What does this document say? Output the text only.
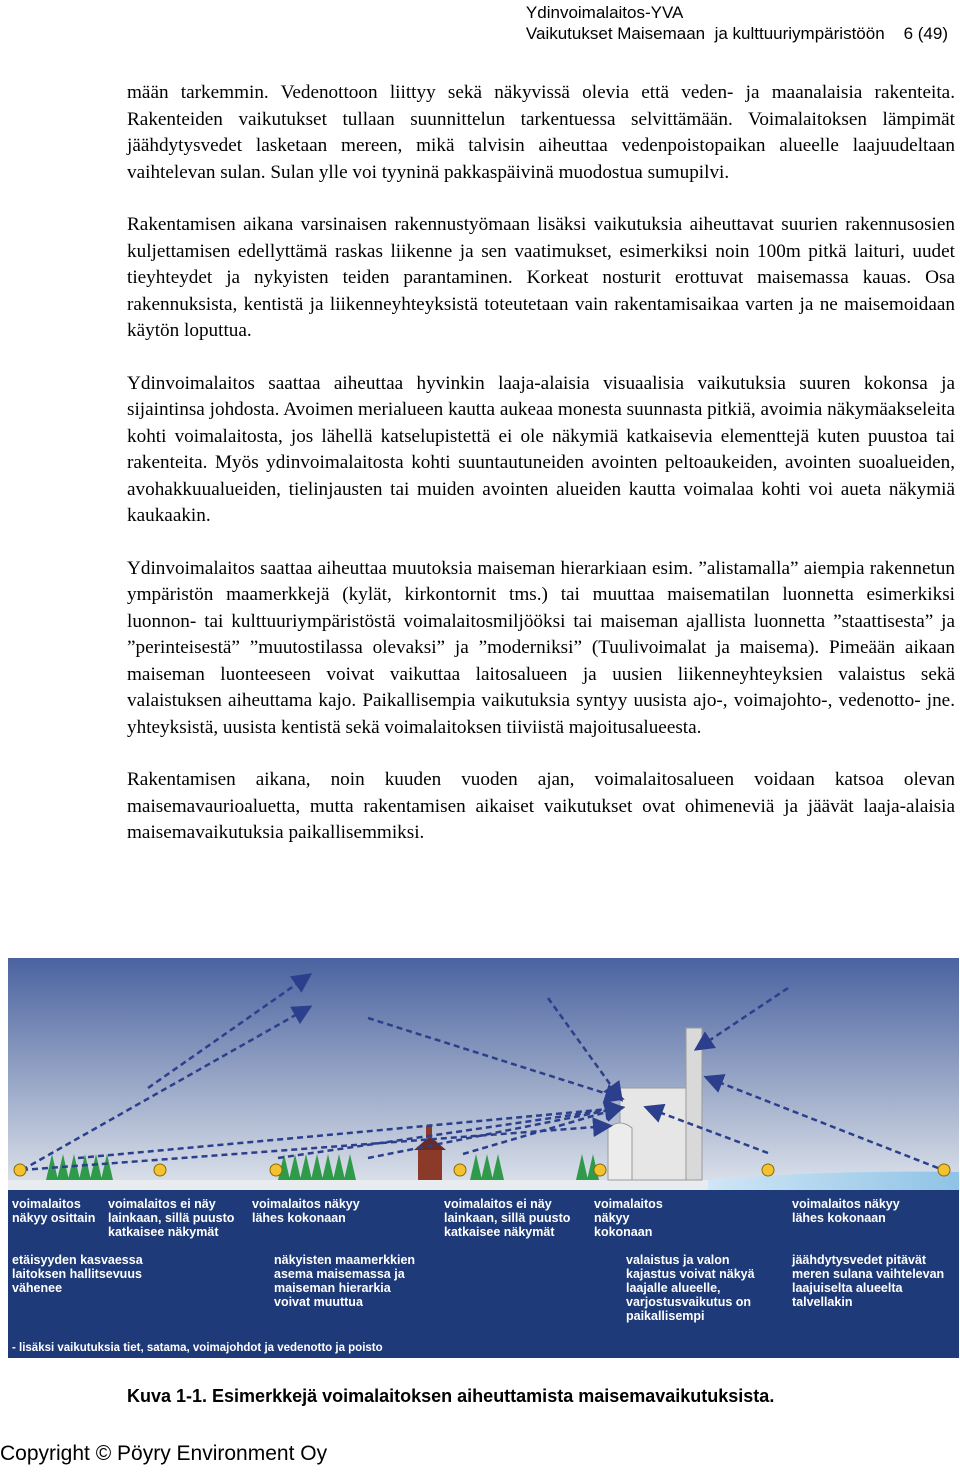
Ydinvoimalaitos-YVA
Vaikutukset Maisemaan  ja kulttuuriympäristöön 6 (49)

mään tarkemmin. Vedenottoon liittyy sekä näkyvissä olevia että veden- ja maanalaisia rakenteita. Rakenteiden vaikutukset tullaan suunnittelun tarkentuessa selvittämään. Voimalaitoksen lämpimät jäähdytysvedet lasketaan mereen, mikä talvisin aiheuttaa vedenpoistopaikan alueelle laajuudeltaan vaihtelevan sulan. Sulan ylle voi tyyninä pakkaspäivinä muodostua sumupilvi.

Rakentamisen aikana varsinaisen rakennustyömaan lisäksi vaikutuksia aiheuttavat suurien rakennusosien kuljettamisen edellyttämä raskas liikenne ja sen vaatimukset, esimerkiksi noin 100m pitkä laituri, uudet tieyhteydet ja nykyisten teiden parantaminen. Korkeat nosturit erottuvat maisemassa kauas. Osa rakennuksista, kentistä ja liikenneyhteyksistä toteutetaan vain rakentamisaikaa varten ja ne maisemoidaan käytön loputtua.

Ydinvoimalaitos saattaa aiheuttaa hyvinkin laaja-alaisia visuaalisia vaikutuksia suuren kokonsa ja sijaintinsa johdosta. Avoimen merialueen kautta aukeaa monesta suunnasta pitkiä, avoimia näkymäakseleita kohti voimalaitosta, jos lähellä katselupistettä ei ole näkymiä katkaisevia elementtejä kuten puustoa tai rakenteita. Myös ydinvoimalaitosta kohti suuntautuneiden avointen peltoaukeiden, avointen suoalueiden, avohakkuualueiden, tielinjausten tai muiden avointen alueiden kautta voimalaa kohti voi aueta näkymiä kaukaakin.

Ydinvoimalaitos saattaa aiheuttaa muutoksia maiseman hierarkiaan esim. ”alistamalla” aiempia rakennetun ympäristön maamerkkejä (kylät, kirkontornit tms.) tai muuttaa maisematilan luonnetta esimerkiksi luonnon- tai kulttuuriympäristöstä voimalaitosmiljööksi tai maiseman ajallista luonnetta ”staattisesta” ja ”perinteisestä” ”muutostilassa olevaksi” ja ”moderniksi” (Tuulivoimalat ja maisema). Pimeään aikaan maiseman luonteeseen voivat vaikuttaa laitosalueen ja uusien liikenneyhteyksien valaistus sekä valaistuksen aiheuttama kajo. Paikallisempia vaikutuksia syntyy uusista ajo-, voimajohto-, vedenotto- jne. yhteyksistä, uusista kentistä sekä voimalaitoksen tiiviistä majoitusalueesta.

Rakentamisen aikana, noin kuuden vuoden ajan, voimalaitosalueen voidaan katsoa olevan maisemavaurioaluetta, mutta rakentamisen aikaiset vaikutukset ovat ohimeneviä ja jäävät laaja-alaisia maisemavaikutuksia paikallisemmiksi.

voimalaitos
näkyy osittain
voimalaitos ei näy
lainkaan, sillä puusto
katkaisee näkymät
voimalaitos näkyy
lähes kokonaan
voimalaitos ei näy
lainkaan, sillä puusto
katkaisee näkymät
voimalaitos
näkyy
kokonaan
voimalaitos näkyy
lähes kokonaan
etäisyyden kasvaessa
laitoksen hallitsevuus
vähenee
näkyisten maamerkkien
asema maisemassa ja
maiseman hierarkia
voivat muuttua
valaistus ja valon
kajastus voivat näkyä
laajalle alueelle,
varjostusvaikutus on
paikallisempi
jäähdytysvedet pitävät
meren sulana vaihtelevan
laajuiselta alueelta
talvellakin
- lisäksi vaikutuksia tiet, satama, voimajohdot ja vedenotto ja poisto
Kuva 1-1. Esimerkkejä voimalaitoksen aiheuttamista maisemavaikutuksista.
Copyright © Pöyry Environment Oy
